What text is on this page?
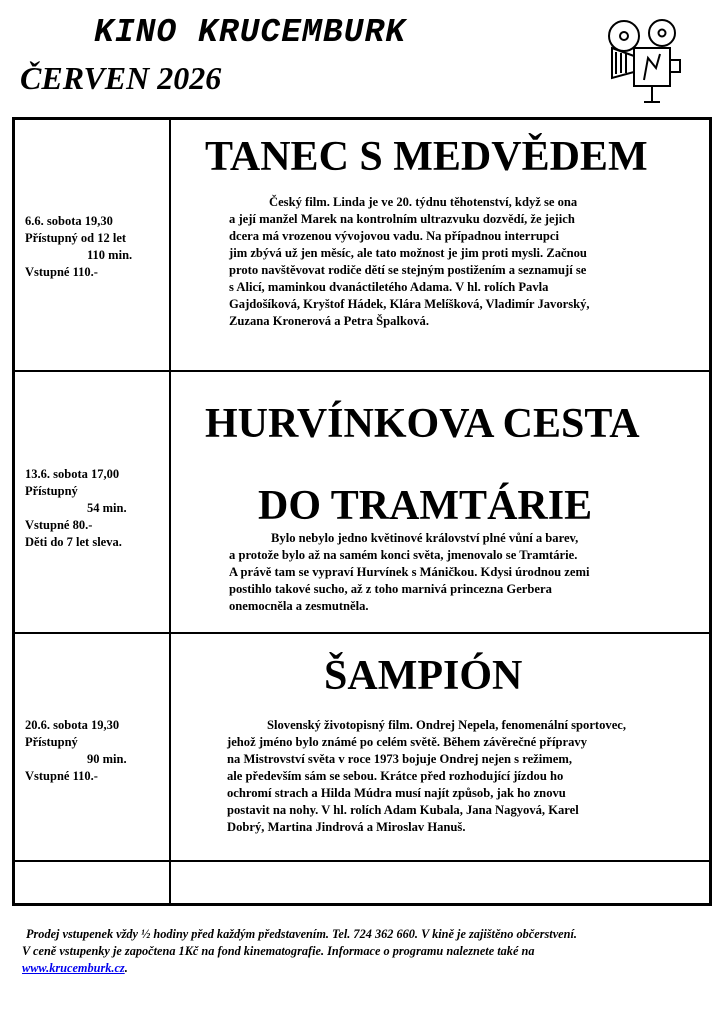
KINO KRUCEMBURK
ČERVEN 2026
6.6. sobota 19,30
Přístupný od 12 let
110 min.
Vstupné 110.-
TANEC S MEDVĚDEM
Český film. Linda je ve 20. týdnu těhotenství, když se ona
a její manžel Marek na kontrolním ultrazvuku dozvědí, že jejich
dcera má vrozenou vývojovou vadu. Na případnou interrupci
jim zbývá už jen měsíc, ale tato možnost je jim proti mysli. Začnou
proto navštěvovat rodiče dětí se stejným postižením a seznamují se
s Alicí, maminkou dvanáctiletého Adama. V hl. rolích Pavla
Gajdošíková, Kryštof Hádek, Klára Melíšková, Vladimír Javorský,
Zuzana Kronerová a Petra Špalková.
13.6. sobota 17,00
Přístupný
54 min.
Vstupné 80.-
Děti do 7 let sleva.
HURVÍNKOVA CESTA
DO TRAMTÁRIE
Bylo nebylo jedno květinové království plné vůní a barev,
a protože bylo až na samém konci světa, jmenovalo se Tramtárie.
A právě tam se vypraví Hurvínek s Máničkou. Kdysi úrodnou zemi
postihlo takové sucho, až z toho marnivá princezna Gerbera
onemocněla a zesmutněla.
20.6. sobota 19,30
Přístupný
90 min.
Vstupné 110.-
ŠAMPIÓN
Slovenský životopisný film. Ondrej Nepela, fenomenální sportovec,
jehož jméno bylo známé po celém světě. Během závěrečné přípravy
na Mistrovství světa v roce 1973 bojuje Ondrej nejen s režimem,
ale především sám se sebou. Krátce před rozhodující jízdou ho
ochromí strach a Hilda Múdra musí najít způsob, jak ho znovu
postavit na nohy. V hl. rolích Adam Kubala, Jana Nagyová, Karel
Dobrý, Martina Jindrová a Miroslav Hanuš.
Prodej vstupenek vždy ½ hodiny před každým představením. Tel. 724 362 660. V kině je zajištěno občerstvení.
V ceně vstupenky je započtena 1Kč na fond kinematografie. Informace o programu naleznete také na
www.krucemburk.cz.
